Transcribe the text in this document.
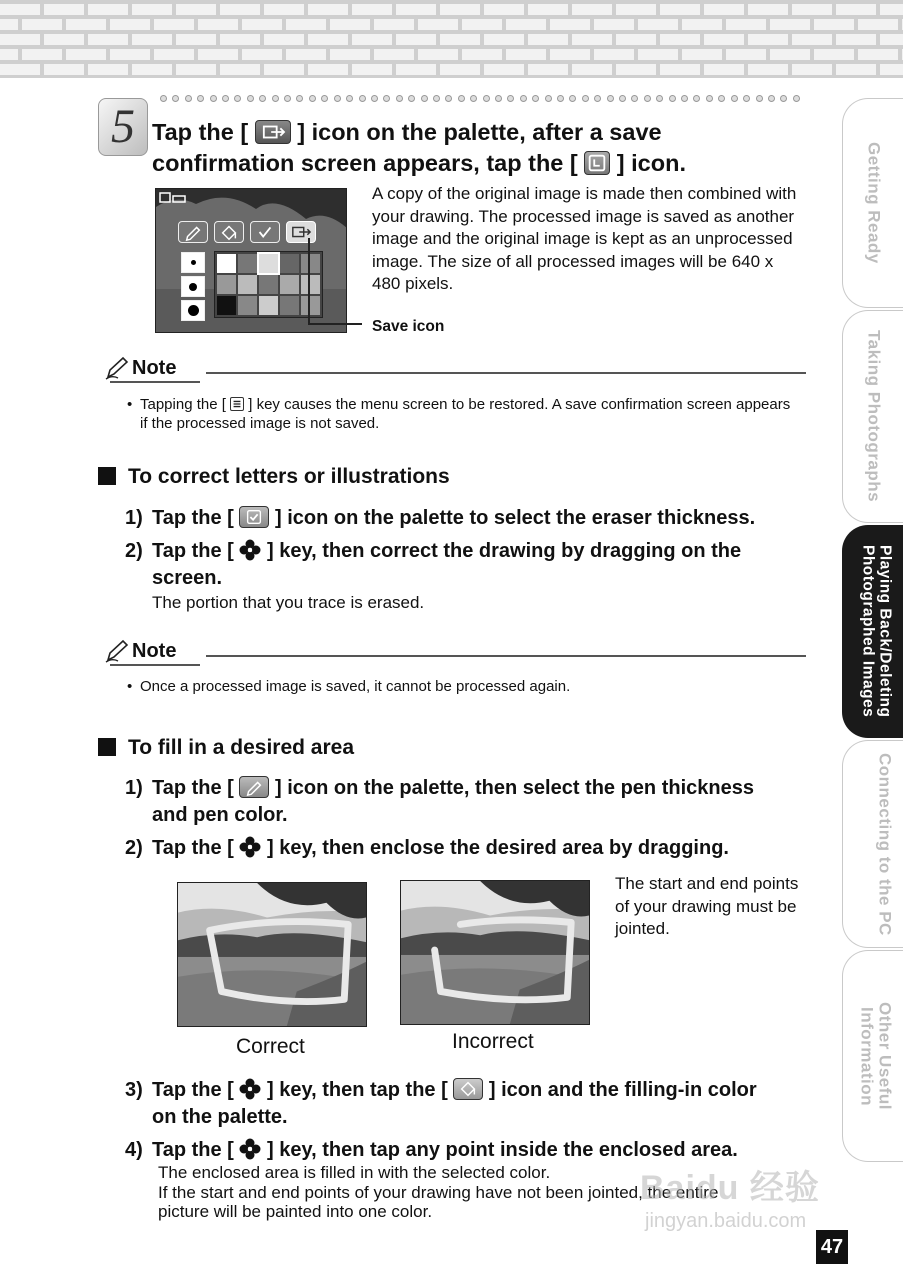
Getting Ready
Taking Photographs
Playing Back/Deleting Photographed Images
Connecting to the PC
Other Useful Information
5 Tap the [ ] icon on the palette, after a save
confirmation screen appears, tap the [ ] icon.
Save icon
A copy of the original image is made then combined with your drawing. The processed image is saved as another image and the original image is kept as an unprocessed image. The size of all processed images will be 640 x 480 pixels.
Note
• Tapping the [ ] key causes the menu screen to be restored. A save confirmation screen appears if the processed image is not saved.
To correct letters or illustrations
1) Tap the [ ] icon on the palette to select the eraser thickness.
2) Tap the [ ] key, then correct the drawing by dragging on the
screen.
The portion that you trace is erased.
Note
• Once a processed image is saved, it cannot be processed again.
To fill in a desired area
1) Tap the [ ] icon on the palette, then select the pen thickness
and pen color.
2) Tap the [ ] key, then enclose the desired area by dragging.
Correct	Incorrect
The start and end points of your drawing must be jointed.
3) Tap the [ ] key, then tap the [ ] icon and the filling-in color
on the palette.
4) Tap the [ ] key, then tap any point inside the enclosed area.
The enclosed area is filled in with the selected color.
If the start and end points of your drawing have not been jointed, the entire
picture will be painted into one color.
Baidu 经验
jingyan.baidu.com
47
